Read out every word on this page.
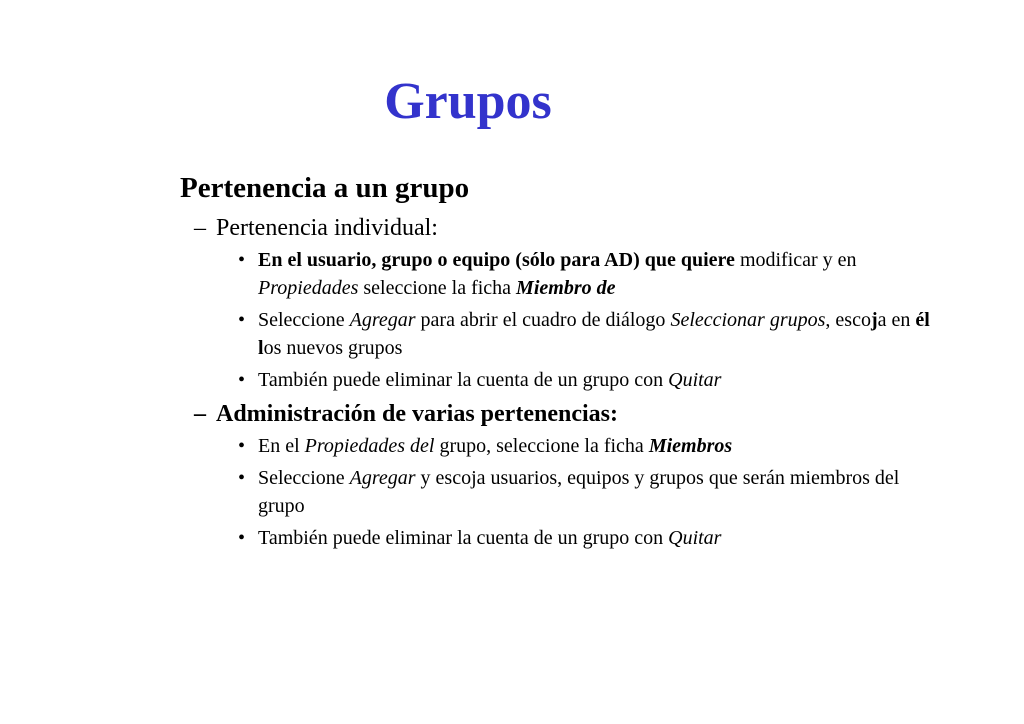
Grupos
Pertenencia a un grupo
– Pertenencia individual:
• En el usuario, grupo o equipo (sólo para AD) que quiere modificar y en Propiedades seleccione la ficha Miembro de
• Seleccione Agregar para abrir el cuadro de diálogo Seleccionar grupos, escoja en él los nuevos grupos
• También puede eliminar la cuenta de un grupo con Quitar
– Administración de varias pertenencias:
• En el Propiedades del grupo, seleccione la ficha Miembros
• Seleccione Agregar y escoja usuarios, equipos y grupos que serán miembros del grupo
• También puede eliminar la cuenta de un grupo con Quitar
